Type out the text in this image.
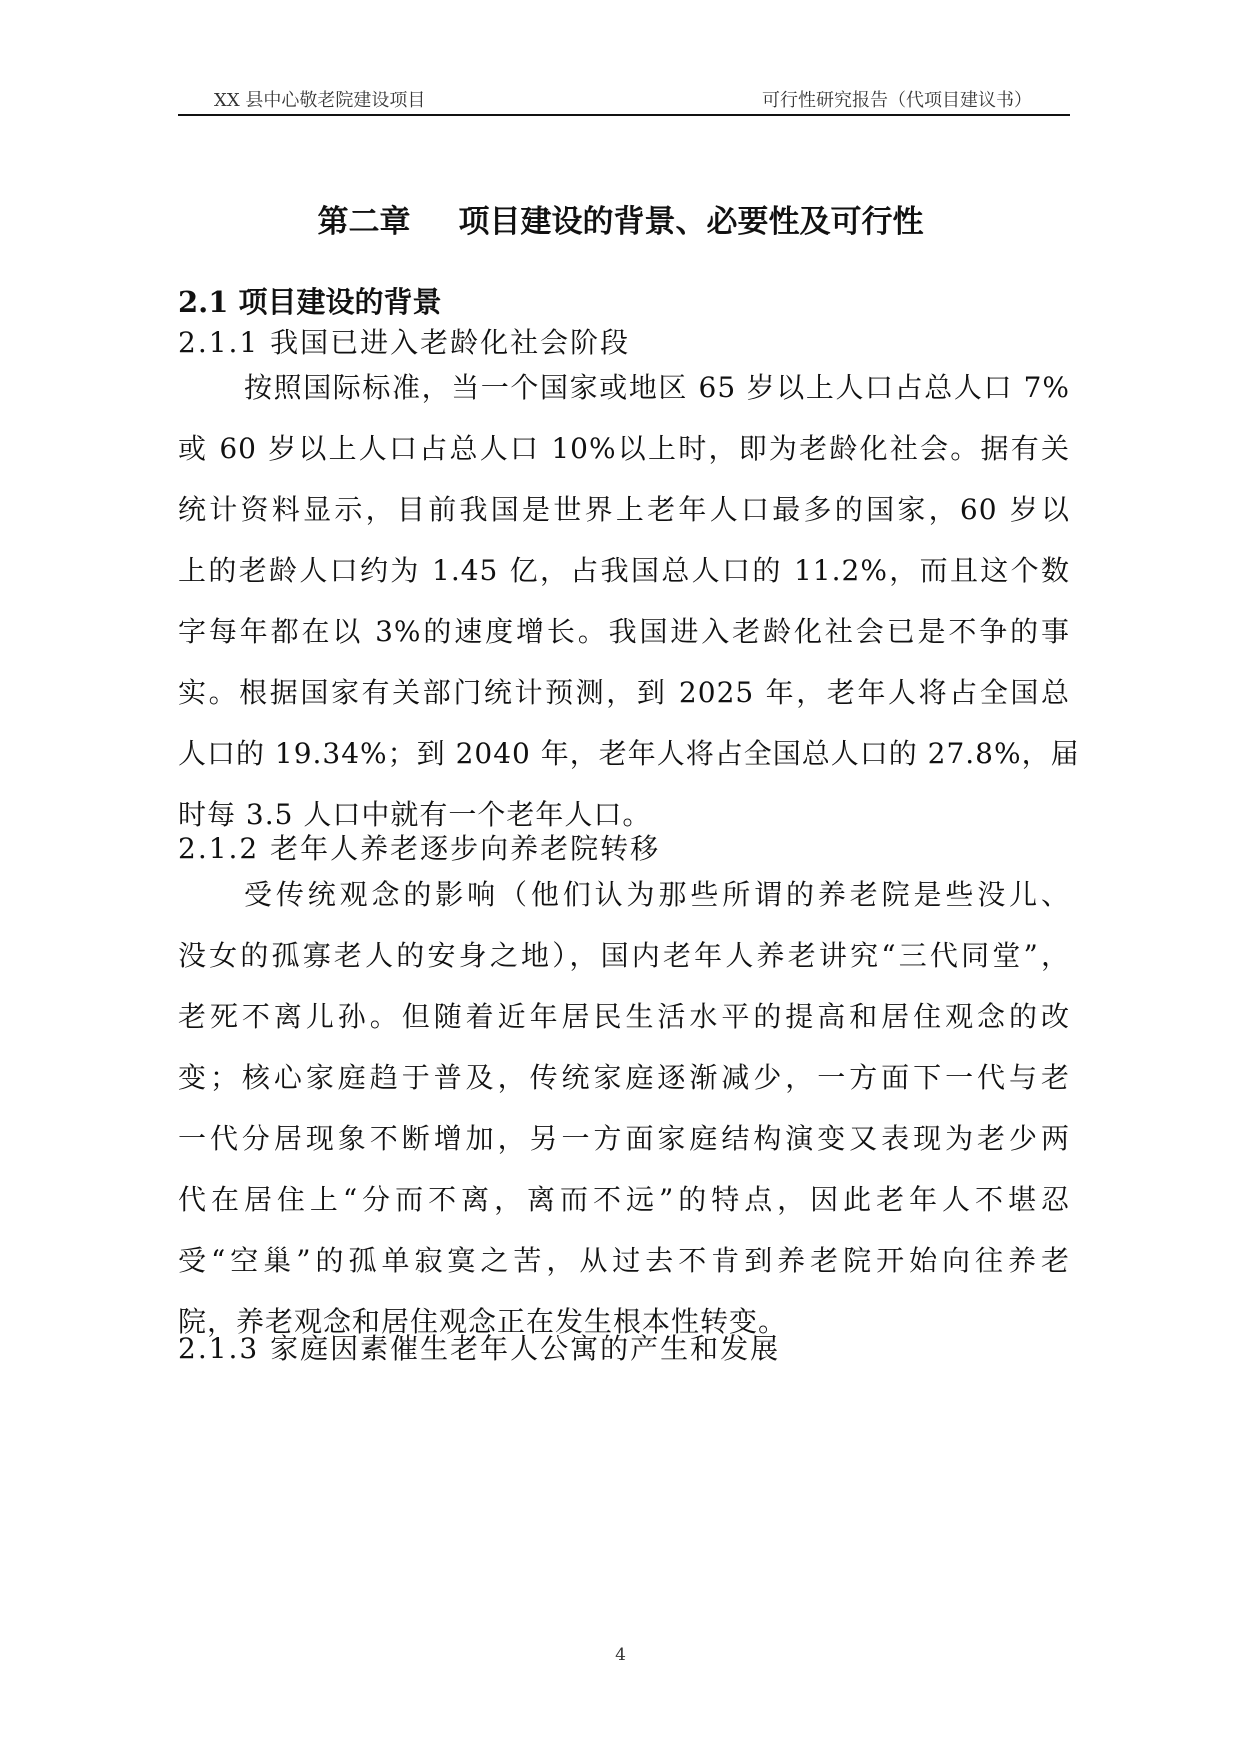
XX 县中心敬老院建设项目	可行性研究报告（代项目建议书）
第二章 项目建设的背景、必要性及可行性
2.1 项目建设的背景
2.1.1 我国已进入老龄化社会阶段
按照国际标准，当一个国家或地区 65 岁以上人口占总人口 7%
或 60 岁以上人口占总人口 10%以上时，即为老龄化社会。据有关
统计资料显示，目前我国是世界上老年人口最多的国家，60 岁以
上的老龄人口约为 1.45 亿，占我国总人口的 11.2%，而且这个数
字每年都在以 3%的速度增长。我国进入老龄化社会已是不争的事
实。根据国家有关部门统计预测，到 2025 年，老年人将占全国总
人口的 19.34%；到 2040 年，老年人将占全国总人口的 27.8%，届
时每 3.5 人口中就有一个老年人口。
2.1.2 老年人养老逐步向养老院转移
受传统观念的影响（他们认为那些所谓的养老院是些没儿、
没女的孤寡老人的安身之地），国内老年人养老讲究“三代同堂”，
老死不离儿孙。但随着近年居民生活水平的提高和居住观念的改
变；核心家庭趋于普及，传统家庭逐渐减少，一方面下一代与老
一代分居现象不断增加，另一方面家庭结构演变又表现为老少两
代在居住上“分而不离，离而不远”的特点，因此老年人不堪忍
受“空巢”的孤单寂寞之苦，从过去不肯到养老院开始向往养老
院，养老观念和居住观念正在发生根本性转变。
2.1.3 家庭因素催生老年人公寓的产生和发展
4
